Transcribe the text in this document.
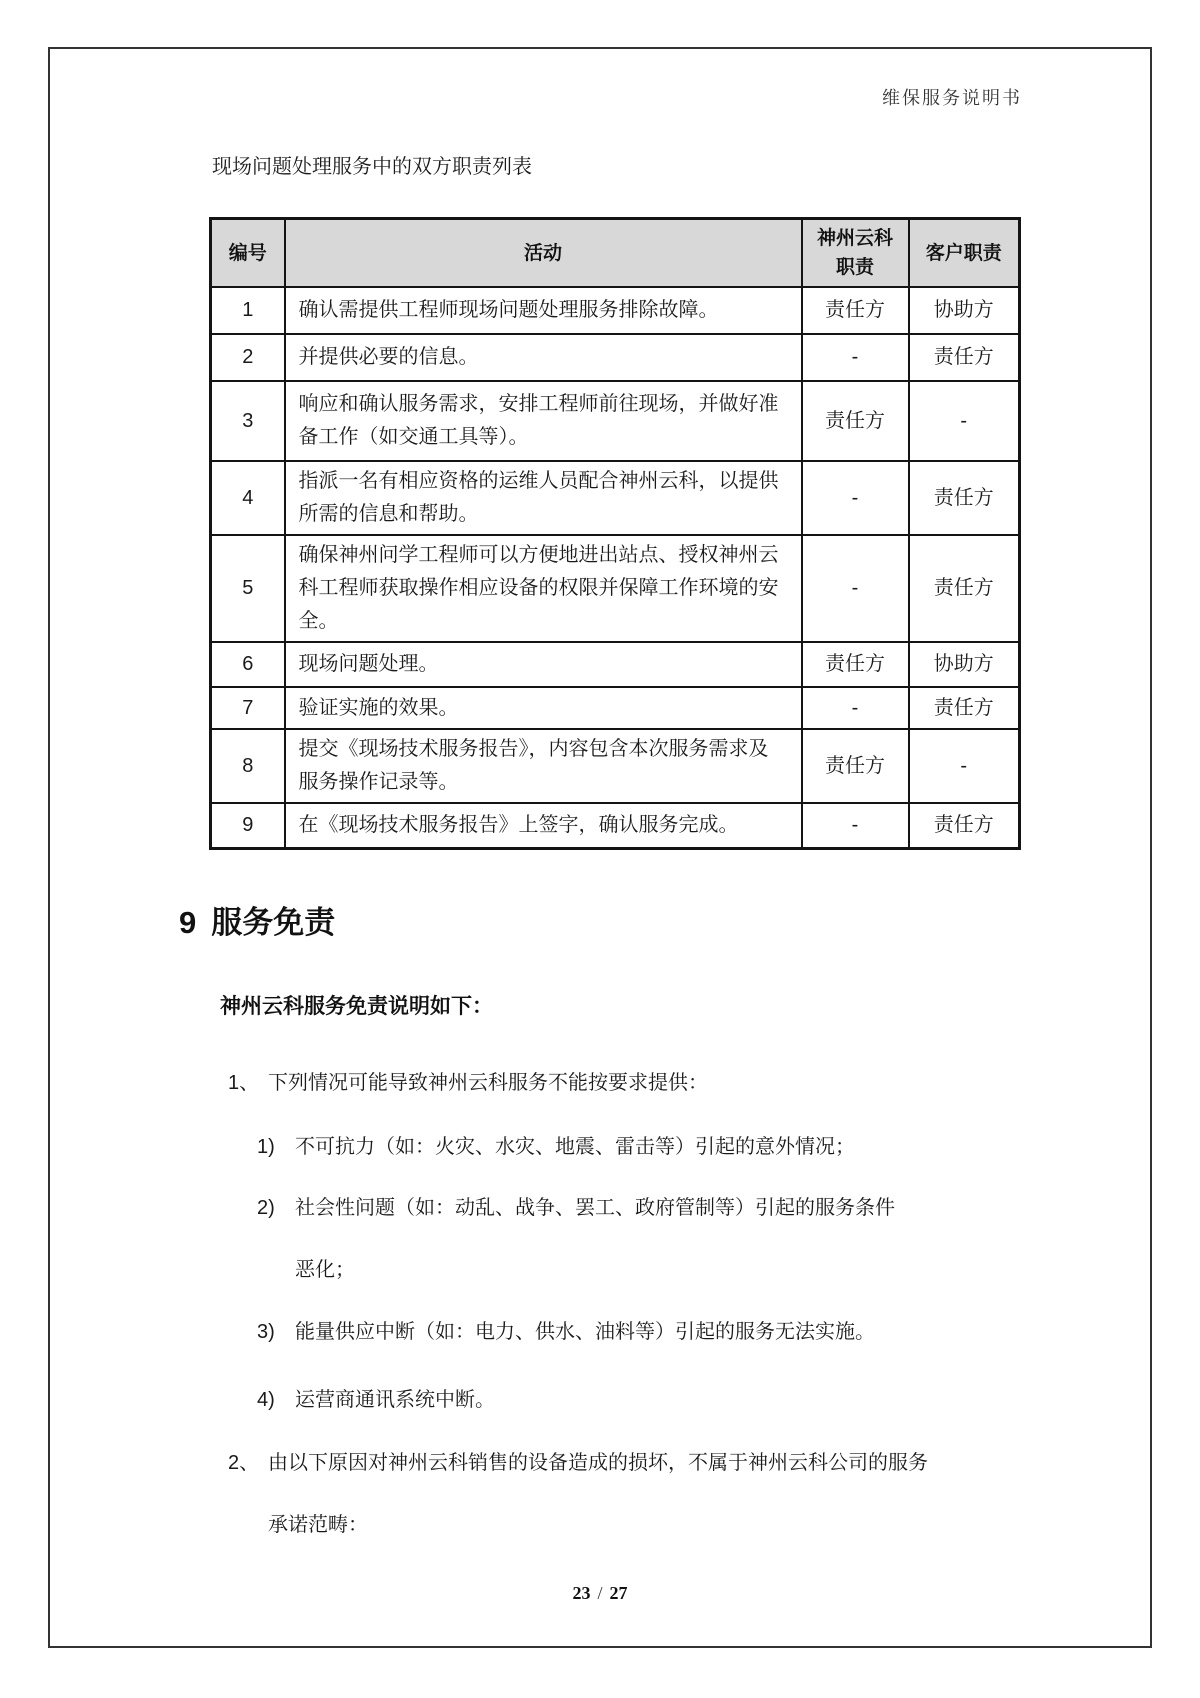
维保服务说明书
现场问题处理服务中的双方职责列表
编号	活动	神州云科职责	客户职责
1	确认需提供工程师现场问题处理服务排除故障。	责任方	协助方
2	并提供必要的信息。	-	责任方
3	响应和确认服务需求，安排工程师前往现场，并做好准备工作（如交通工具等）。	责任方	-
4	指派一名有相应资格的运维人员配合神州云科，以提供所需的信息和帮助。	-	责任方
5	确保神州问学工程师可以方便地进出站点、授权神州云科工程师获取操作相应设备的权限并保障工作环境的安全。	-	责任方
6	现场问题处理。	责任方	协助方
7	验证实施的效果。	-	责任方
8	提交《现场技术服务报告》，内容包含本次服务需求及服务操作记录等。	责任方	-
9	在《现场技术服务报告》上签字，确认服务完成。	-	责任方
9 服务免责
神州云科服务免责说明如下：
1、 下列情况可能导致神州云科服务不能按要求提供：
1)	不可抗力（如：火灾、水灾、地震、雷击等）引起的意外情况；
2)	社会性问题（如：动乱、战争、罢工、政府管制等）引起的服务条件恶化；
3)	能量供应中断（如：电力、供水、油料等）引起的服务无法实施。
4)	运营商通讯系统中断。
2、 由以下原因对神州云科销售的设备造成的损坏，不属于神州云科公司的服务承诺范畴：
23 / 27
